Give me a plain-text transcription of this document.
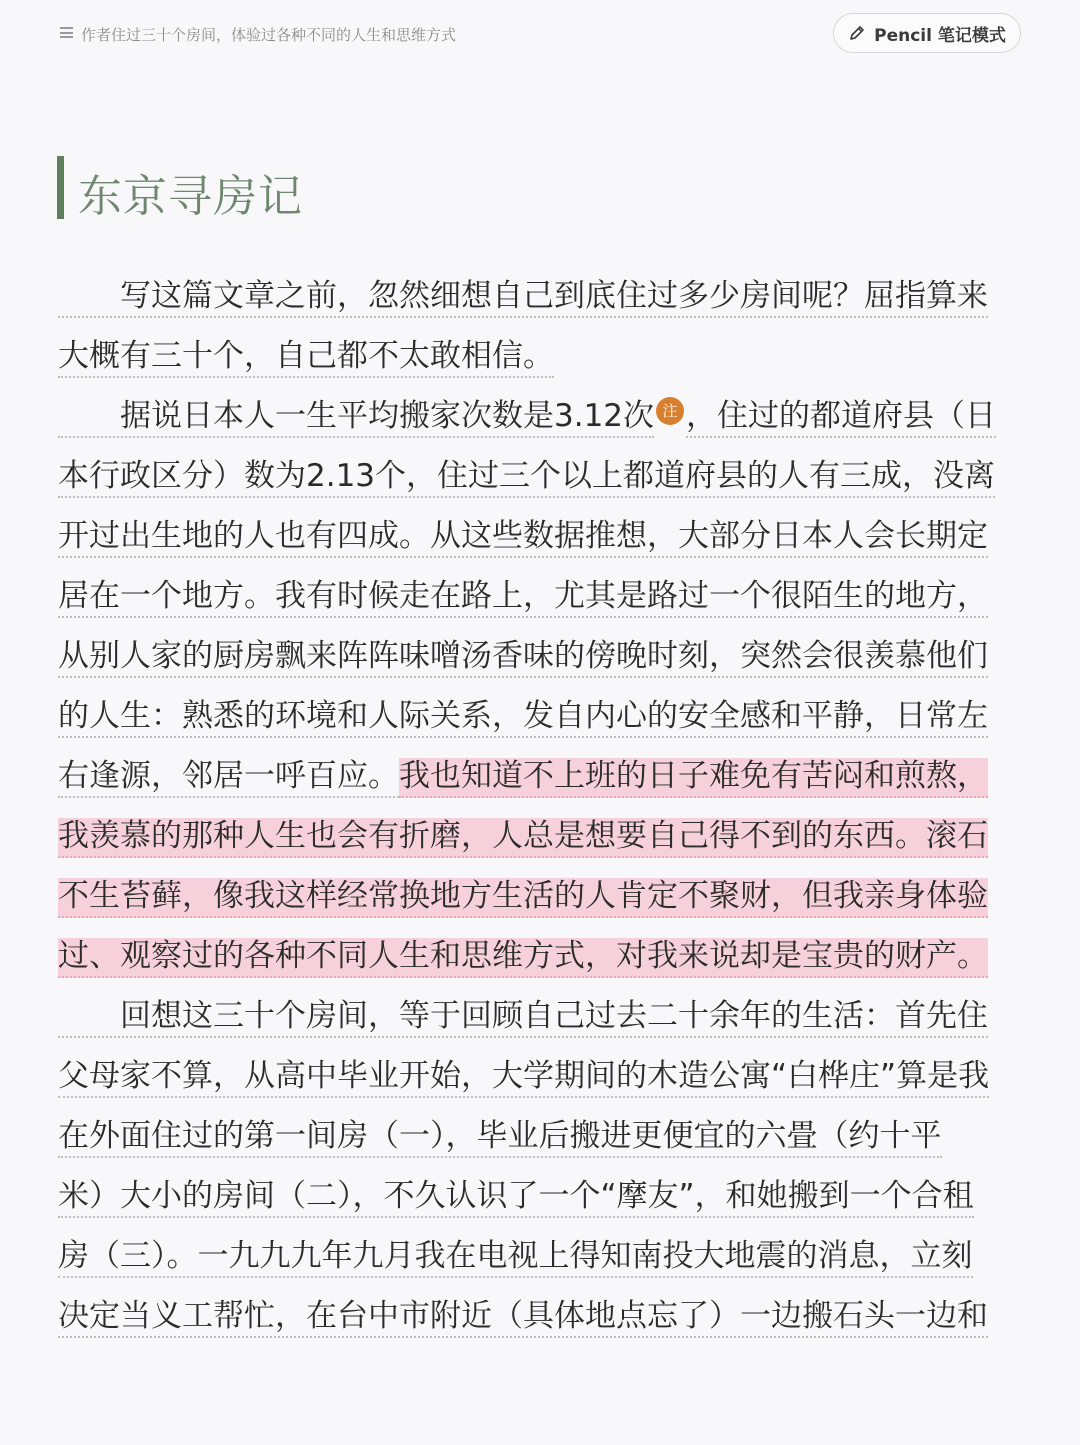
作者住过三十个房间，体验过各种不同的人生和思维方式	Pencil 笔记模式
东京寻房记
　　写这篇文章之前，忽然细想自己到底住过多少房间呢？屈指算来
大概有三十个，自己都不太敢相信。
　　据说日本人一生平均搬家次数是3.12次 注 ，住过的都道府县（日
本行政区分）数为2.13个，住过三个以上都道府县的人有三成，没离
开过出生地的人也有四成。从这些数据推想，大部分日本人会长期定
居在一个地方。我有时候走在路上，尤其是路过一个很陌生的地方，
从别人家的厨房飘来阵阵味噌汤香味的傍晚时刻，突然会很羡慕他们
的人生：熟悉的环境和人际关系，发自内心的安全感和平静，日常左
右逢源，邻居一呼百应。我也知道不上班的日子难免有苦闷和煎熬，
我羡慕的那种人生也会有折磨，人总是想要自己得不到的东西。滚石
不生苔藓，像我这样经常换地方生活的人肯定不聚财，但我亲身体验
过、观察过的各种不同人生和思维方式，对我来说却是宝贵的财产。
　　回想这三十个房间，等于回顾自己过去二十余年的生活：首先住
父母家不算，从高中毕业开始，大学期间的木造公寓“白桦庄”算是我
在外面住过的第一间房（一），毕业后搬进更便宜的六畳（约十平
米）大小的房间（二），不久认识了一个“摩友”，和她搬到一个合租
房（三）。一九九九年九月我在电视上得知南投大地震的消息，立刻
决定当义工帮忙，在台中市附近（具体地点忘了）一边搬石头一边和
